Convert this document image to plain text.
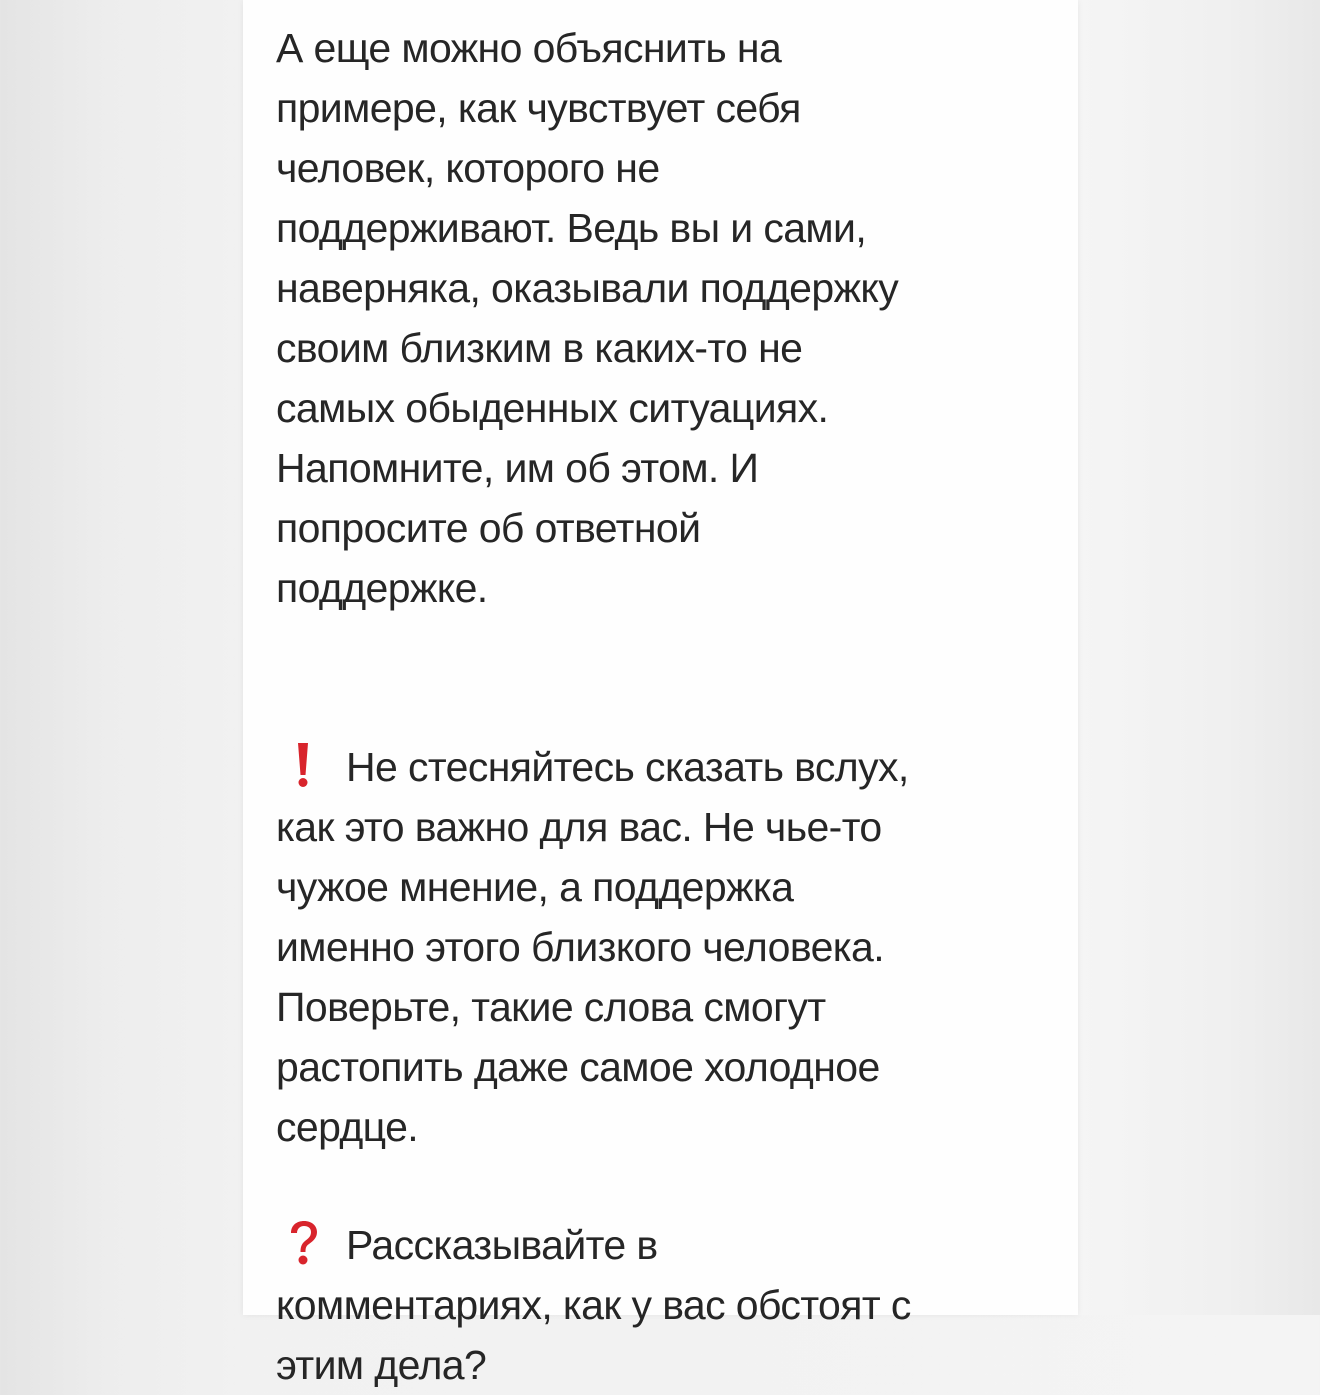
А еще можно объяснить на
примере, как чувствует себя
человек, которого не
поддерживают. Ведь вы и сами,
наверняка, оказывали поддержку
своим близким в каких-то не
самых обыденных ситуациях.
Напомните, им об этом. И
попросите об ответной
поддержке.

Не стесняйтесь сказать вслух,
как это важно для вас. Не чье-то
чужое мнение, а поддержка
именно этого близкого человека.
Поверьте, такие слова смогут
растопить даже самое холодное
сердце.

Рассказывайте в
комментариях, как у вас обстоят с
этим дела?
